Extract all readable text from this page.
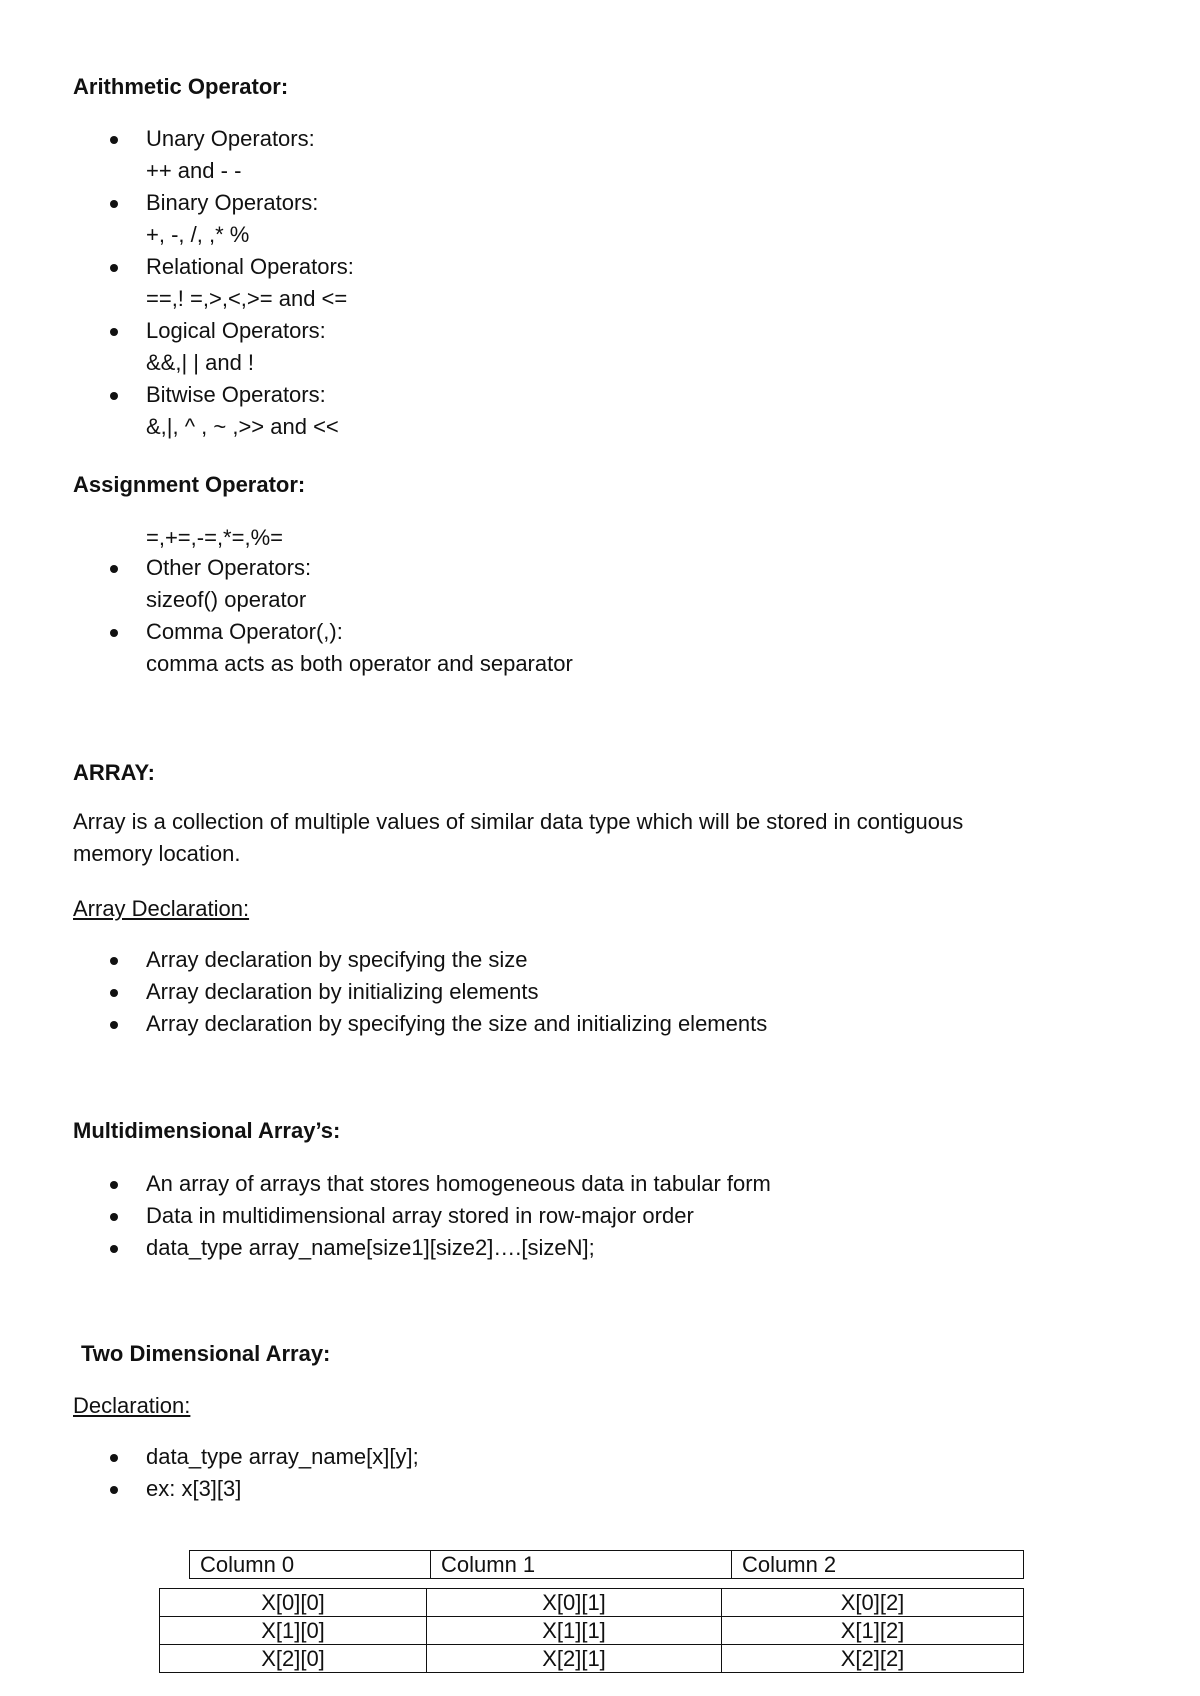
Arithmetic Operator:
Unary Operators:
++ and - -
Binary Operators:
+, -, /, ,* %
Relational Operators:
==,! =,>,<,>= and <=
Logical Operators:
&&,| | and !
Bitwise Operators:
&,|, ^ , ~ ,>> and <<
Assignment Operator:
=,+=,-=,*=,%=
Other Operators:
sizeof() operator
Comma Operator(,):
comma acts as both operator and separator
ARRAY:
Array is a collection of multiple values of similar data type which will be stored in contiguous
memory location.
Array Declaration:
Array declaration by specifying the size
Array declaration by initializing elements
Array declaration by specifying the size and initializing elements
Multidimensional Array’s:
An array of arrays that stores homogeneous data in tabular form
Data in multidimensional array stored in row-major order
data_type array_name[size1][size2]….[sizeN];
Two Dimensional Array:
Declaration:
data_type array_name[x][y];
ex: x[3][3]
Column 0	Column 1	Column 2
X[0][0]	X[0][1]	X[0][2]
X[1][0]	X[1][1]	X[1][2]
X[2][0]	X[2][1]	X[2][2]
